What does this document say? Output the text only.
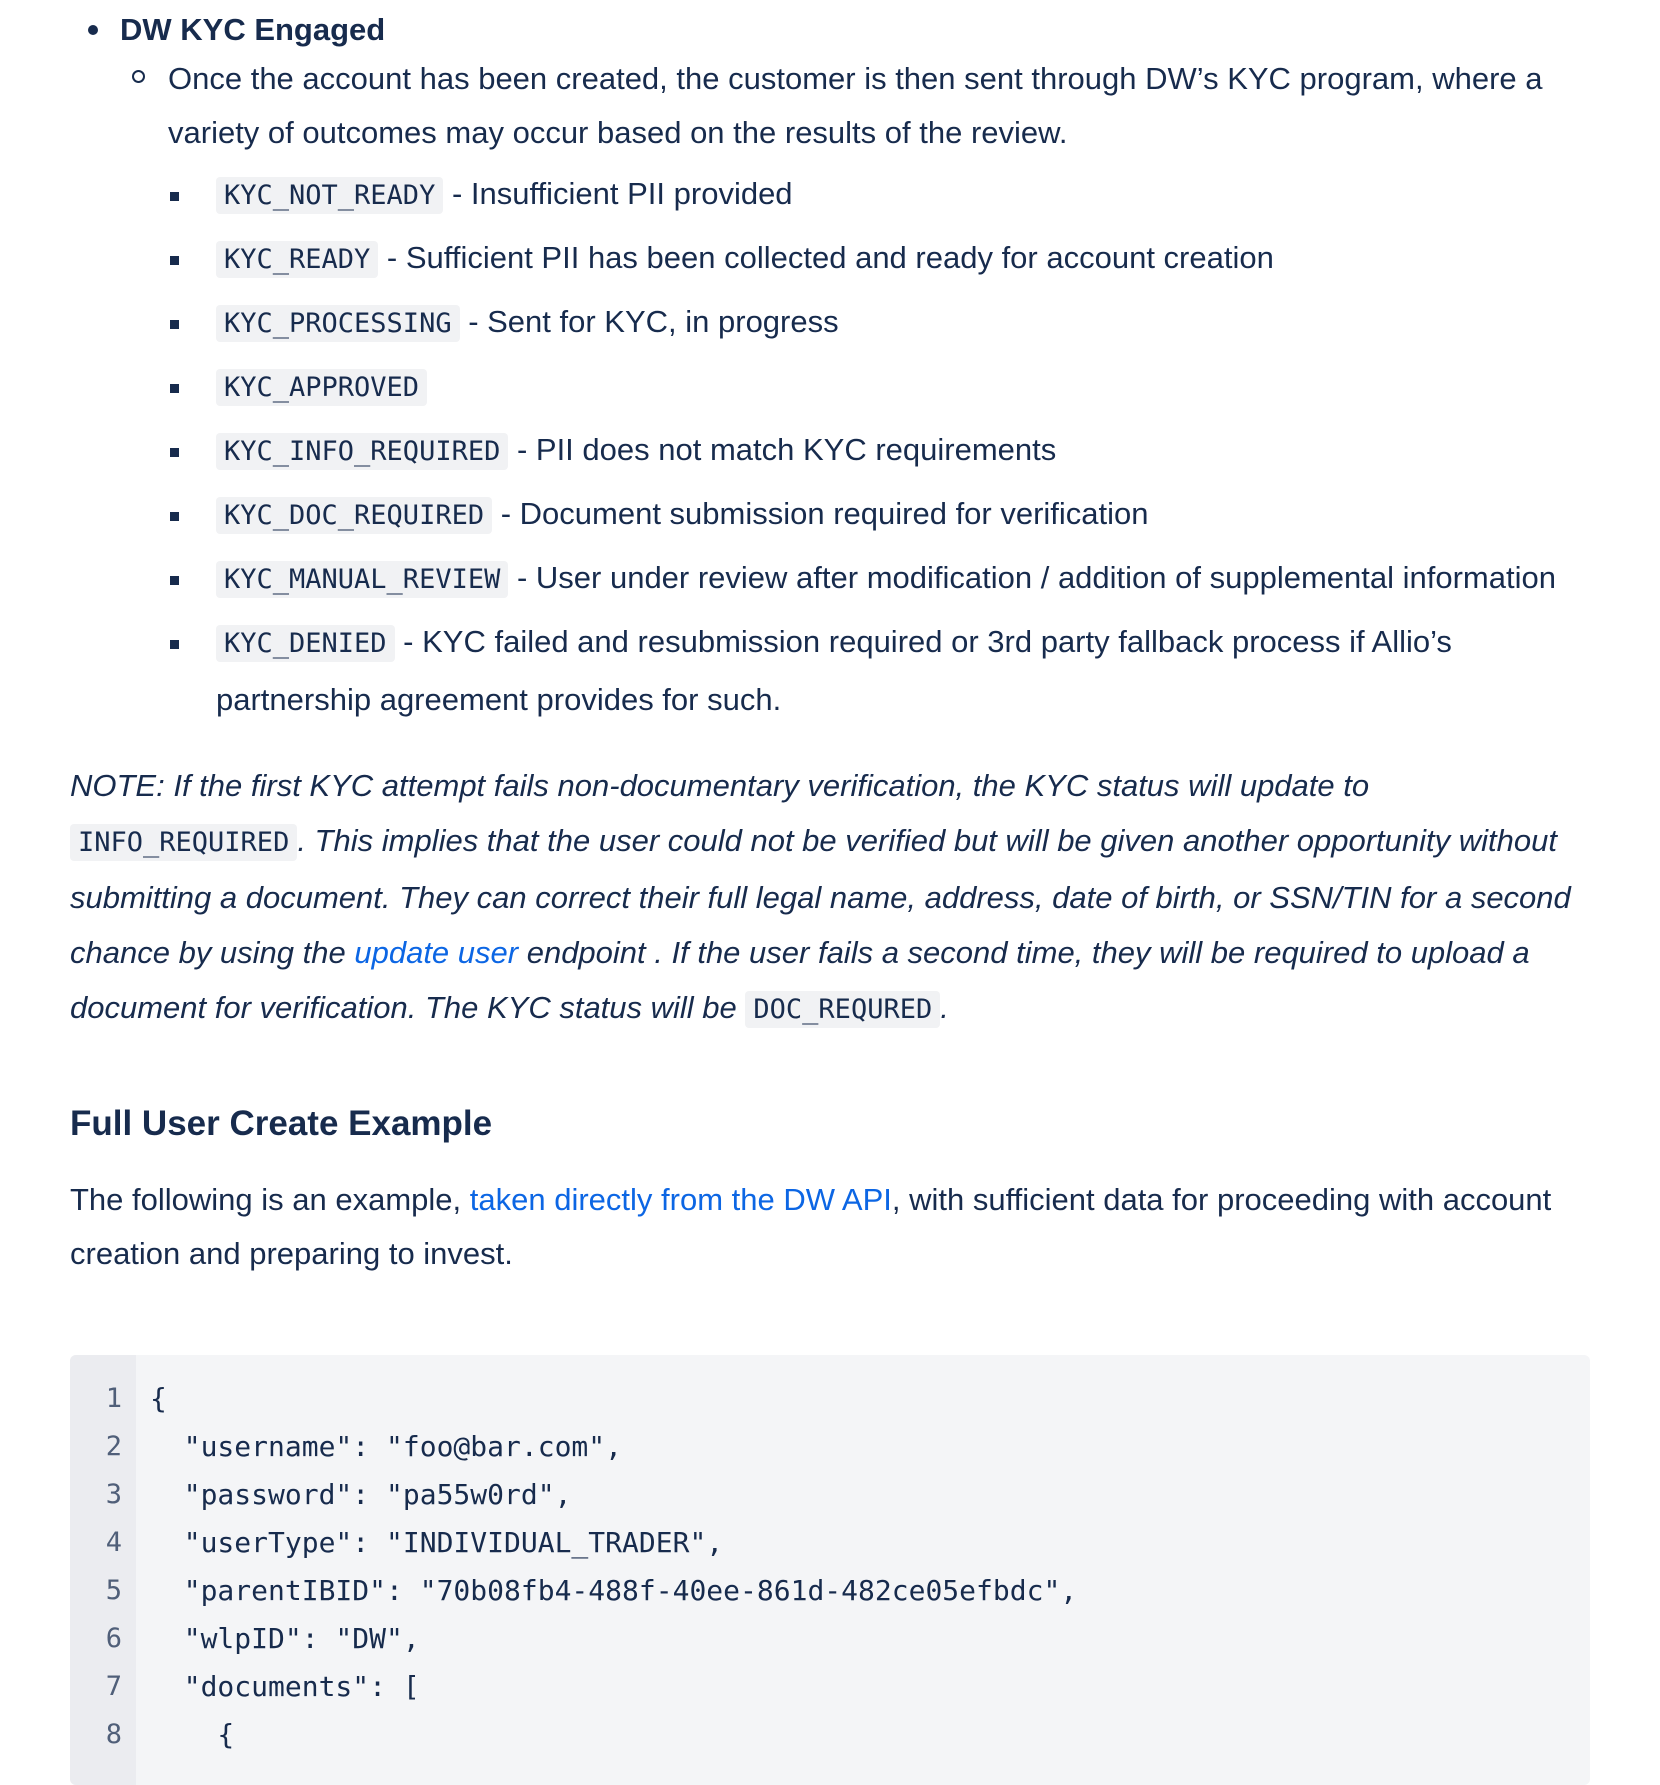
DW KYC Engaged
Once the account has been created, the customer is then sent through DW’s KYC program, where a variety of outcomes may occur based on the results of the review.
KYC_NOT_READY - Insufficient PII provided
KYC_READY - Sufficient PII has been collected and ready for account creation
KYC_PROCESSING - Sent for KYC, in progress
KYC_APPROVED
KYC_INFO_REQUIRED - PII does not match KYC requirements
KYC_DOC_REQUIRED - Document submission required for verification
KYC_MANUAL_REVIEW - User under review after modification / addition of supplemental information
KYC_DENIED - KYC failed and resubmission required or 3rd party fallback process if Allio’s partnership agreement provides for such.

NOTE: If the first KYC attempt fails non-documentary verification, the KYC status will update to INFO_REQUIRED . This implies that the user could not be verified but will be given another opportunity without submitting a document. They can correct their full legal name, address, date of birth, or SSN/TIN for a second chance by using the update user endpoint . If the user fails a second time, they will be required to upload a document for verification. The KYC status will be DOC_REQURED .

Full User Create Example

The following is an example, taken directly from the DW API, with sufficient data for proceeding with account creation and preparing to invest.

1
2
3
4
5
6
7
8
{
"username": "foo@bar.com",
"password": "pa55w0rd",
"userType": "INDIVIDUAL_TRADER",
"parentIBID": "70b08fb4-488f-40ee-861d-482ce05efbdc",
"wlpID": "DW",
"documents": [
{
